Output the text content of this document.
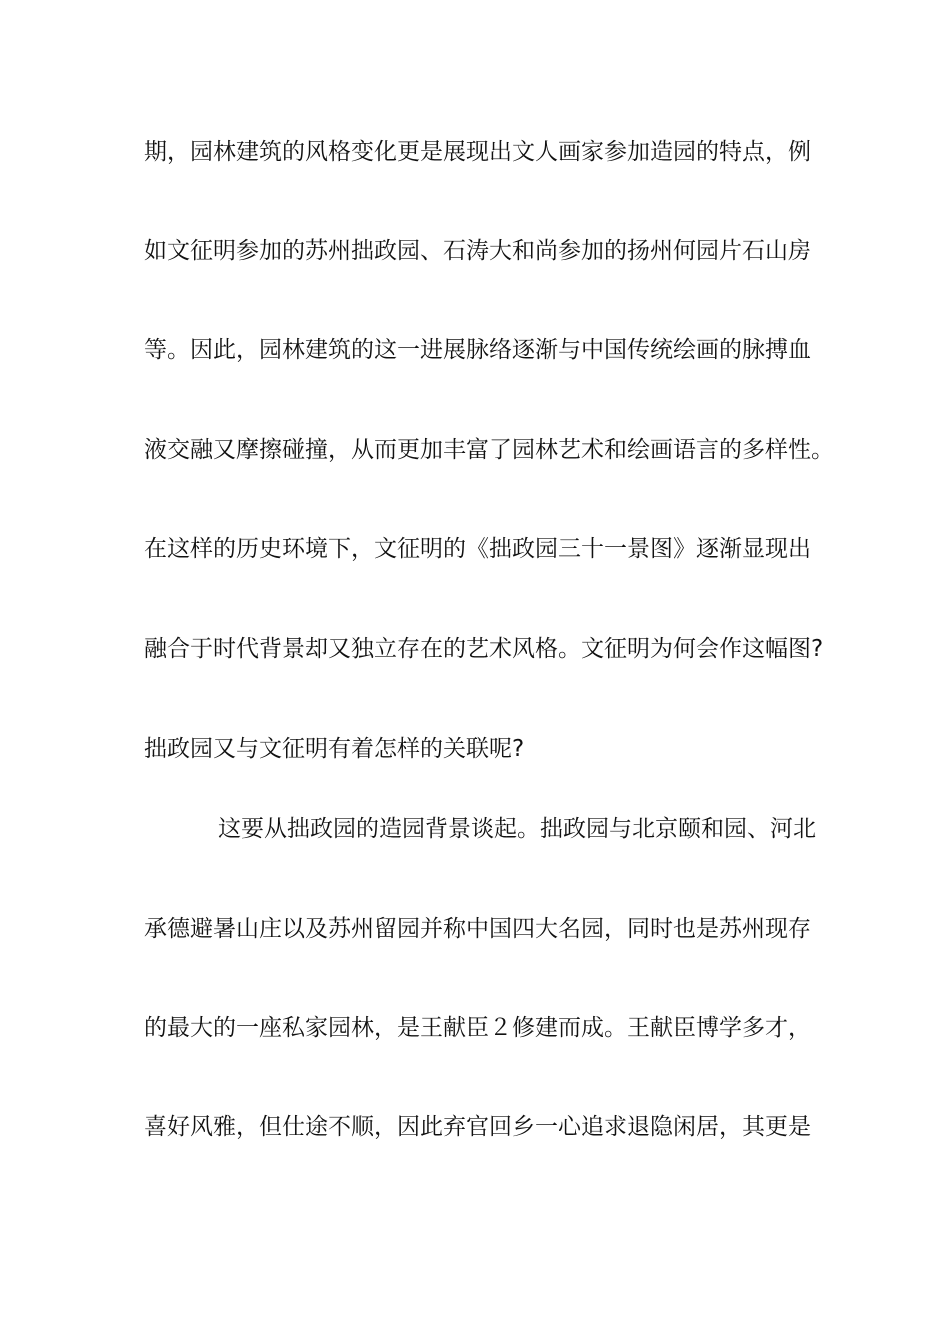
期，园林建筑的风格变化更是展现出文人画家参加造园的特点，例
如文征明参加的苏州拙政园、石涛大和尚参加的扬州何园片石山房
等。因此，园林建筑的这一进展脉络逐渐与中国传统绘画的脉搏血
液交融又摩擦碰撞，从而更加丰富了园林艺术和绘画语言的多样性。
在这样的历史环境下，文征明的《拙政园三十一景图》逐渐显现出
融合于时代背景却又独立存在的艺术风格。文征明为何会作这幅图?
拙政园又与文征明有着怎样的关联呢?
这要从拙政园的造园背景谈起。拙政园与北京颐和园、河北
承德避暑山庄以及苏州留园并称中国四大名园，同时也是苏州现存
的最大的一座私家园林，是王献臣２修建而成。王献臣博学多才，
喜好风雅，但仕途不顺，因此弃官回乡一心追求退隐闲居，其更是
